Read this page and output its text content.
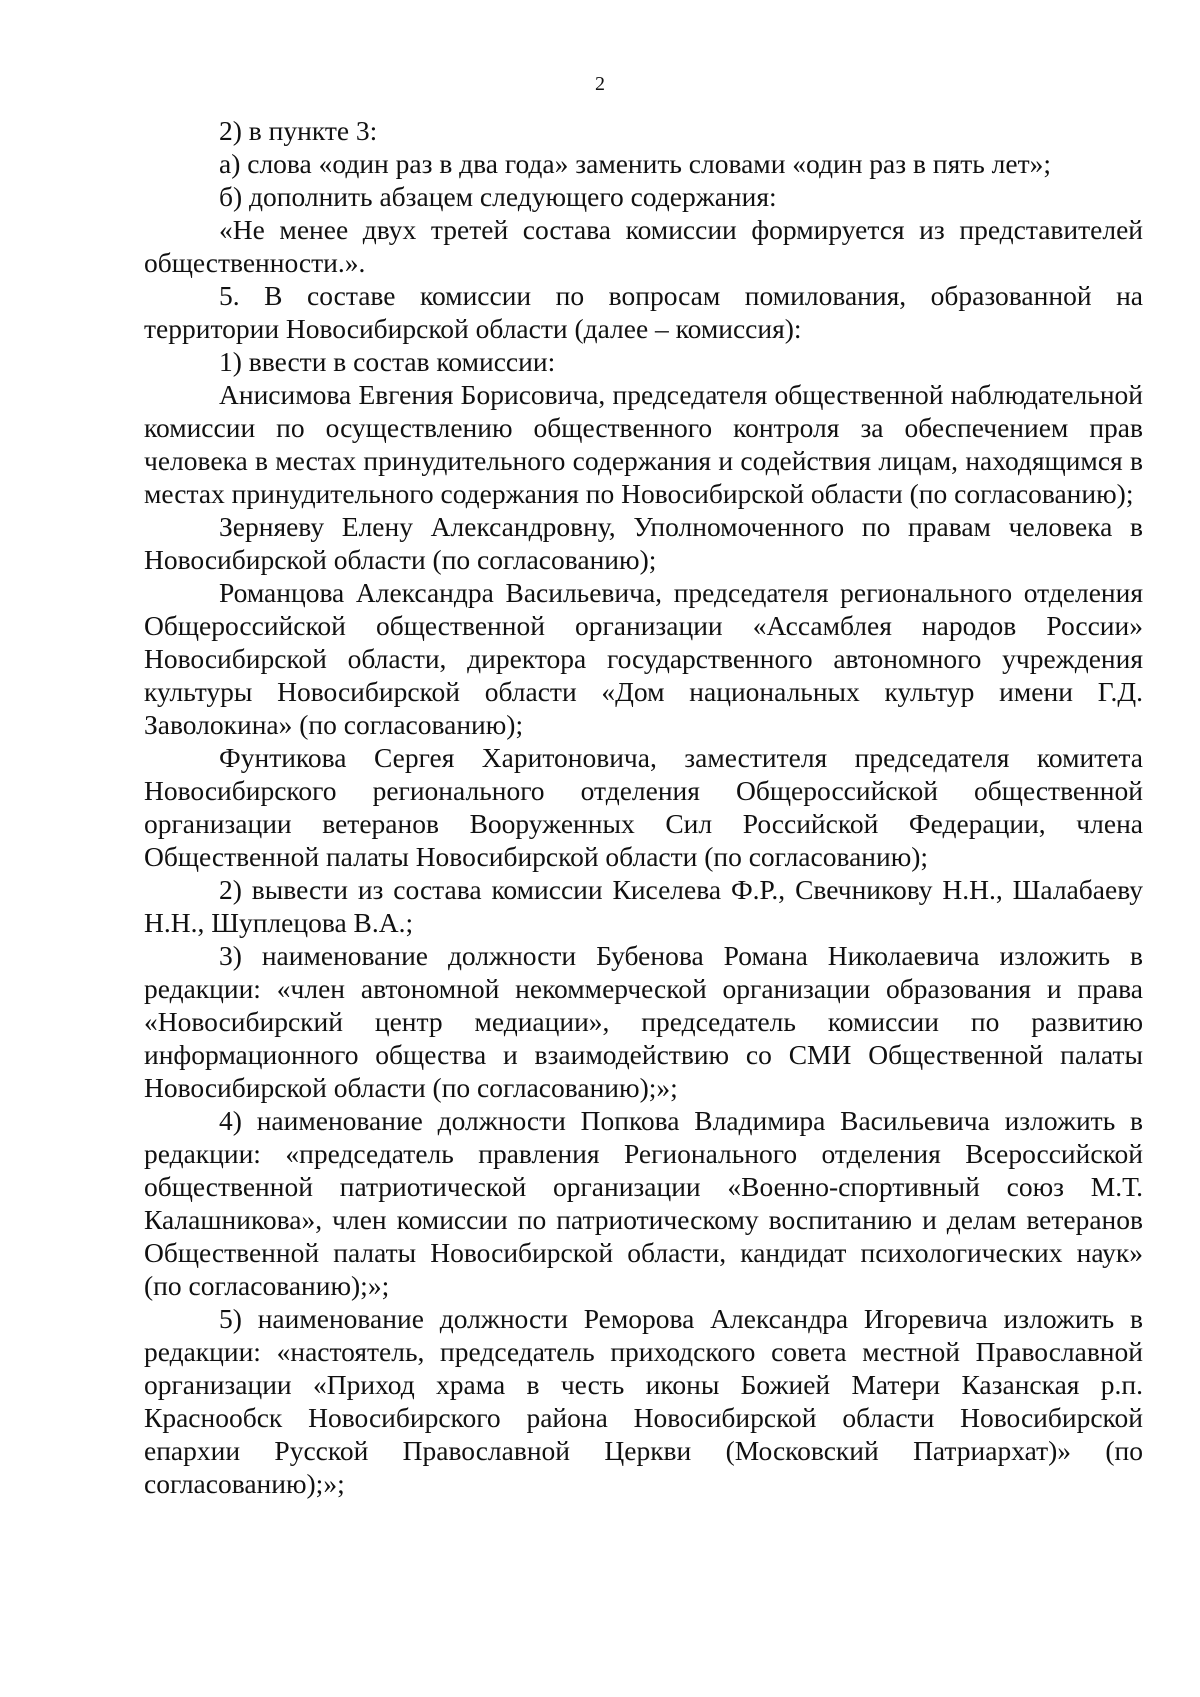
2

2) в пункте 3:

а) слова «один раз в два года» заменить словами «один раз в пять лет»;

б) дополнить абзацем следующего содержания:

«Не менее двух третей состава комиссии формируется из представителей общественности.».

5. В составе комиссии по вопросам помилования, образованной на территории Новосибирской области (далее – комиссия):

1) ввести в состав комиссии:

Анисимова Евгения Борисовича, председателя общественной наблюдательной комиссии по осуществлению общественного контроля за обеспечением прав человека в местах принудительного содержания и содействия лицам, находящимся в местах принудительного содержания по Новосибирской области (по согласованию);

Зерняеву Елену Александровну, Уполномоченного по правам человека в Новосибирской области (по согласованию);

Романцова Александра Васильевича, председателя регионального отделения Общероссийской общественной организации «Ассамблея народов России» Новосибирской области, директора государственного автономного учреждения культуры Новосибирской области «Дом национальных культур имени Г.Д. Заволокина» (по согласованию);

Фунтикова Сергея Харитоновича, заместителя председателя комитета Новосибирского регионального отделения Общероссийской общественной организации ветеранов Вооруженных Сил Российской Федерации, члена Общественной палаты Новосибирской области (по согласованию);

2) вывести из состава комиссии Киселева Ф.Р., Свечникову Н.Н., Шалабаеву Н.Н., Шуплецова В.А.;

3) наименование должности Бубенова Романа Николаевича изложить в редакции: «член автономной некоммерческой организации образования и права «Новосибирский центр медиации», председатель комиссии по развитию информационного общества и взаимодействию со СМИ Общественной палаты Новосибирской области (по согласованию);»;

4) наименование должности Попкова Владимира Васильевича изложить в редакции: «председатель правления Регионального отделения Всероссийской общественной патриотической организации «Военно-спортивный союз М.Т. Калашникова», член комиссии по патриотическому воспитанию и делам ветеранов Общественной палаты Новосибирской области, кандидат психологических наук» (по согласованию);»;

5) наименование должности Реморова Александра Игоревича изложить в редакции: «настоятель, председатель приходского совета местной Православной организации «Приход храма в честь иконы Божией Матери Казанская р.п. Краснообск Новосибирского района Новосибирской области Новосибирской епархии Русской Православной Церкви (Московский Патриархат)» (по согласованию);»;
